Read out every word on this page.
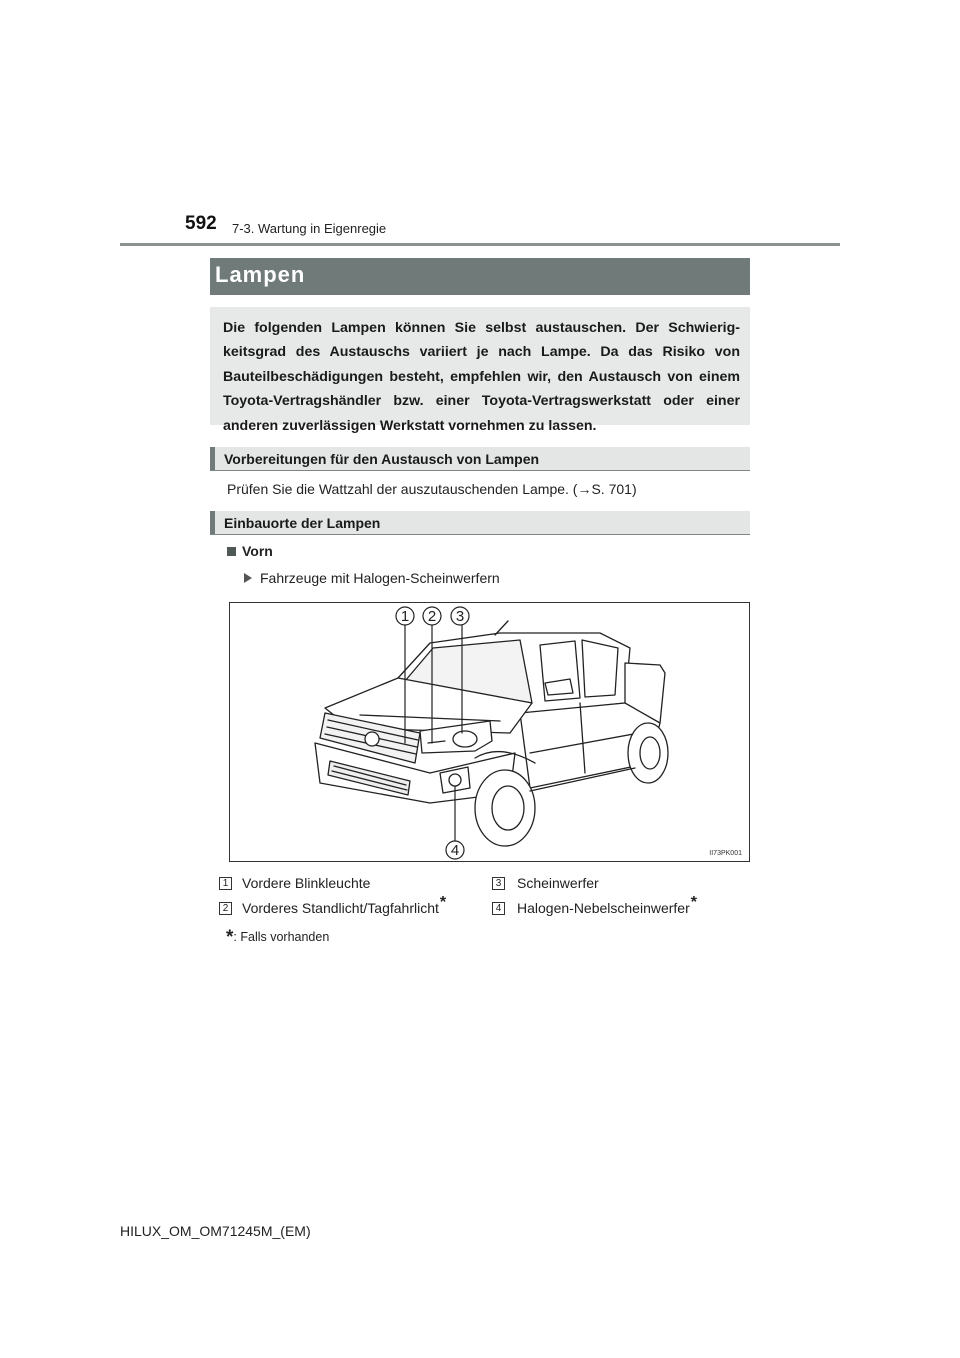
592 7-3. Wartung in Eigenregie
Lampen

Die folgenden Lampen können Sie selbst austauschen. Der Schwierig-keitsgrad des Austauschs variiert je nach Lampe. Da das Risiko von Bauteilbeschädigungen besteht, empfehlen wir, den Austausch von einem Toyota-Vertragshändler bzw. einer Toyota-Vertragswerkstatt oder einer anderen zuverlässigen Werkstatt vornehmen zu lassen.

Vorbereitungen für den Austausch von Lampen
Prüfen Sie die Wattzahl der auszutauschenden Lampe. (→S. 701)
Einbauorte der Lampen
Vorn
Fahrzeuge mit Halogen-Scheinwerfern
1 2 3
4	II73PK001
1 Vordere Blinkleuchte
2 Vorderes Standlicht/Tagfahrlicht*
3 Scheinwerfer
4 Halogen-Nebelscheinwerfer*
*: Falls vorhanden
HILUX_OM_OM71245M_(EM)
